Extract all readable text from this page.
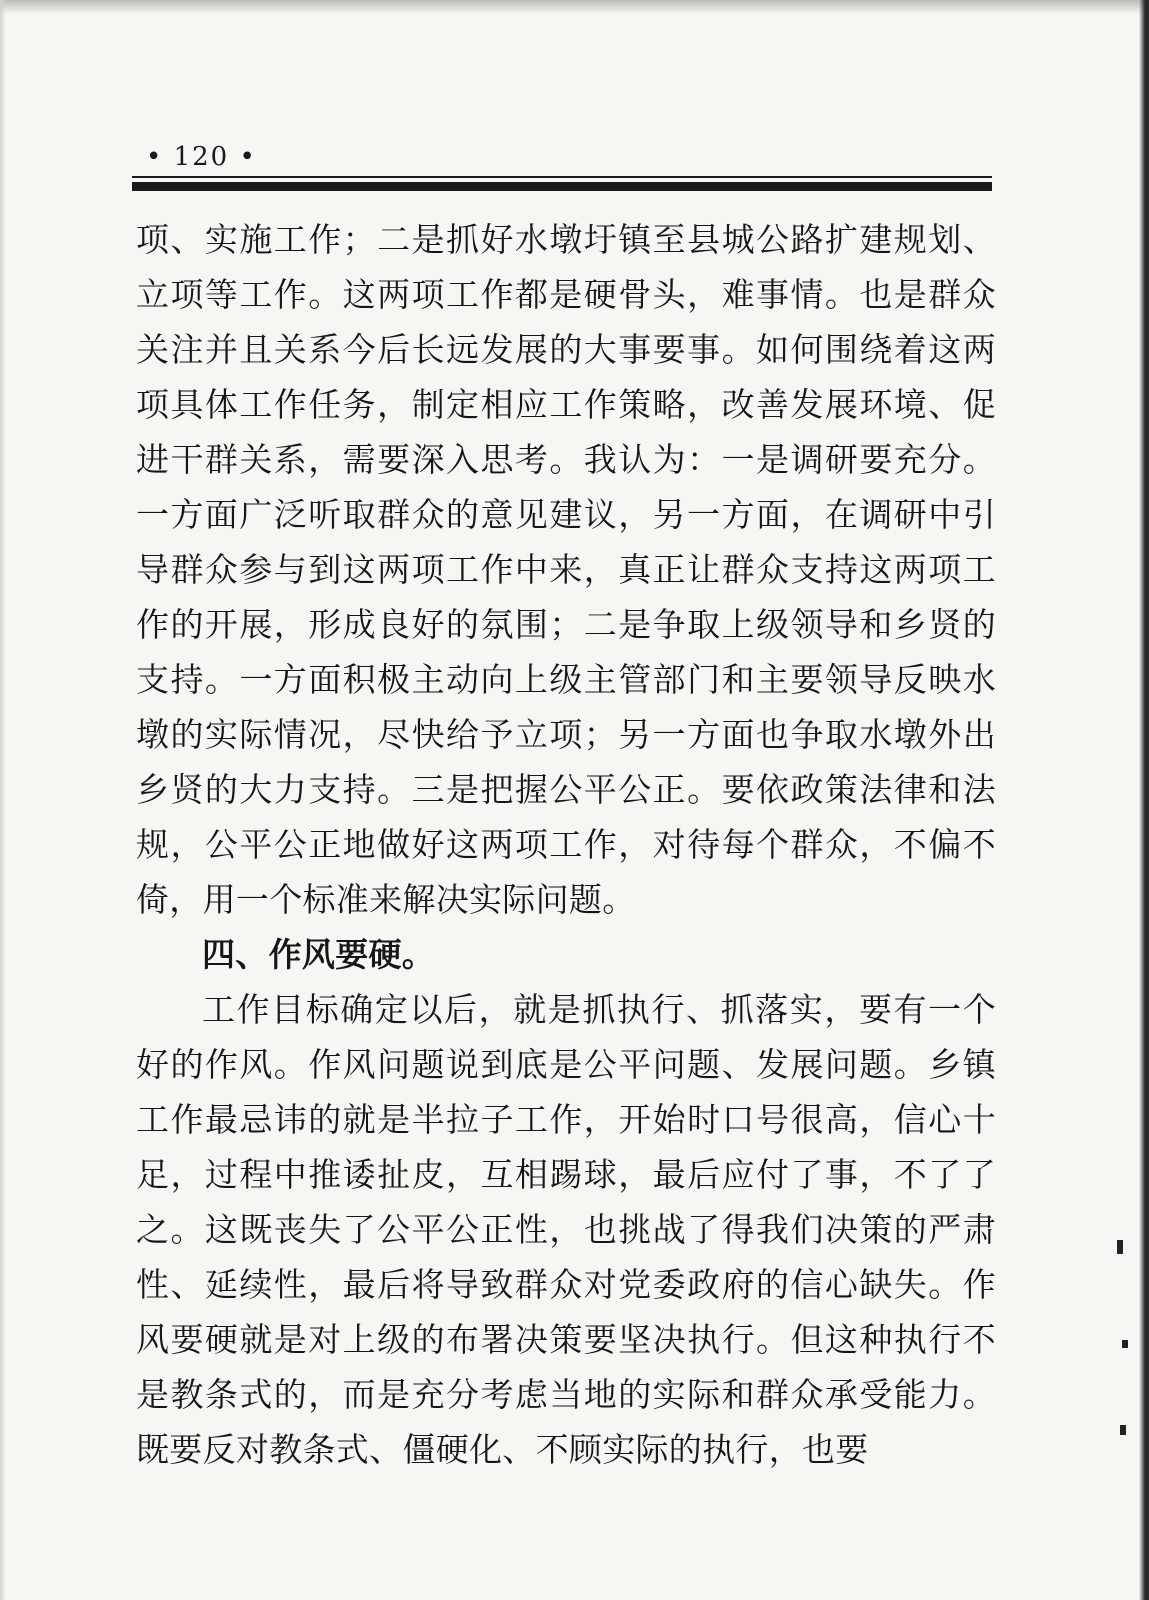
• 120 •

项、实施工作；二是抓好水墩圩镇至县城公路扩建规划、立项等工作。这两项工作都是硬骨头，难事情。也是群众关注并且关系今后长远发展的大事要事。如何围绕着这两项具体工作任务，制定相应工作策略，改善发展环境、促进干群关系，需要深入思考。我认为：一是调研要充分。一方面广泛听取群众的意见建议，另一方面，在调研中引导群众参与到这两项工作中来，真正让群众支持这两项工作的开展，形成良好的氛围；二是争取上级领导和乡贤的支持。一方面积极主动向上级主管部门和主要领导反映水墩的实际情况，尽快给予立项；另一方面也争取水墩外出乡贤的大力支持。三是把握公平公正。要依政策法律和法规，公平公正地做好这两项工作，对待每个群众，不偏不倚，用一个标准来解决实际问题。

四、作风要硬。

工作目标确定以后，就是抓执行、抓落实，要有一个好的作风。作风问题说到底是公平问题、发展问题。乡镇工作最忌讳的就是半拉子工作，开始时口号很高，信心十足，过程中推诿扯皮，互相踢球，最后应付了事，不了了之。这既丧失了公平公正性，也挑战了得我们决策的严肃性、延续性，最后将导致群众对党委政府的信心缺失。作风要硬就是对上级的布署决策要坚决执行。但这种执行不是教条式的，而是充分考虑当地的实际和群众承受能力。既要反对教条式、僵硬化、不顾实际的执行，也要
